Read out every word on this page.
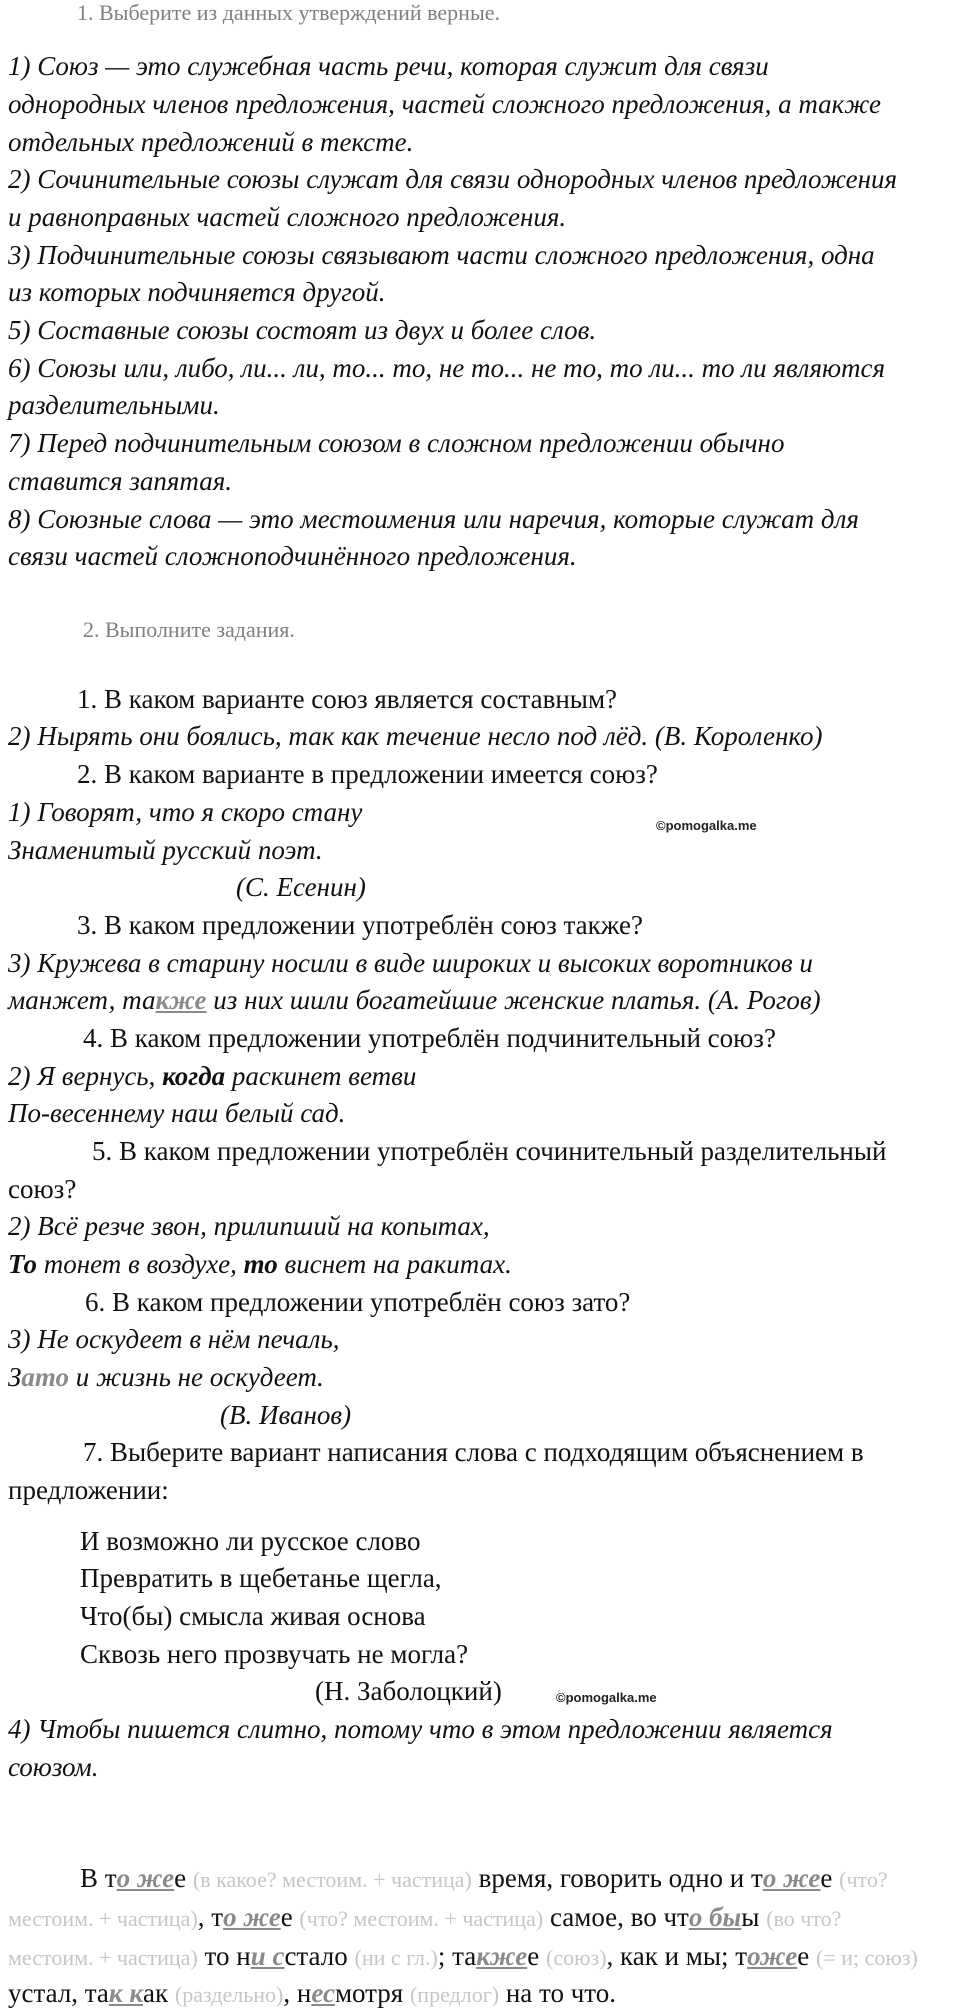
1. Выберите из данных утверждений верные.
1) Союз — это служебная часть речи, которая служит для связи
однородных членов предложения, частей сложного предложения, а также
отдельных предложений в тексте.
2) Сочинительные союзы служат для связи однородных членов предложения
и равноправных частей сложного предложения.
3) Подчинительные союзы связывают части сложного предложения, одна
из которых подчиняется другой.
5) Составные союзы состоят из двух и более слов.
6) Союзы или, либо, ли... ли, то... то, не то... не то, то ли... то ли являются
разделительными.
7) Перед подчинительным союзом в сложном предложении обычно
ставится запятая.
8) Союзные слова — это местоимения или наречия, которые служат для
связи частей сложноподчинённого предложения.
2. Выполните задания.
1. В каком варианте союз является составным?
2) Нырять они боялись, так как течение несло под лёд. (В. Короленко)
2. В каком варианте в предложении имеется союз?
1) Говорят, что я скоро стану	©pomogalka.me
Знаменитый русский поэт.
(С. Есенин)
3. В каком предложении употреблён союз также?
3) Кружева в старину носили в виде широких и высоких воротников и
манжет, также из них шили богатейшие женские платья. (А. Рогов)
4. В каком предложении употреблён подчинительный союз?
2) Я вернусь, когда раскинет ветви
По-весеннему наш белый сад.
5. В каком предложении употреблён сочинительный разделительный
союз?
2) Всё резче звон, прилипший на копытах,
То тонет в воздухе, то виснет на ракитах.
6. В каком предложении употреблён союз зато?
3) Не оскудеет в нём печаль,
Зато и жизнь не оскудеет.
(В. Иванов)
7. Выберите вариант написания слова с подходящим объяснением в
предложении:
И возможно ли русское слово
Превратить в щебетанье щегла,
Что(бы) смысла живая основа
Сквозь него прозвучать не могла?
(Н. Заболоцкий)	©pomogalka.me
4) Чтобы пишется слитно, потому что в этом предложении является
союзом.
В то жее (в какое? местоим. + частица) время, говорить одно и то жее (что?
местоим. + частица), то жее (что? местоим. + частица) самое, во что быы (во что?
местоим. + частица) то ни сстало (ни с гл.); такжее (союз), как и мы; тожее (= и; союз)
устал, так как (раздельно), несмотря (предлог) на то что.
